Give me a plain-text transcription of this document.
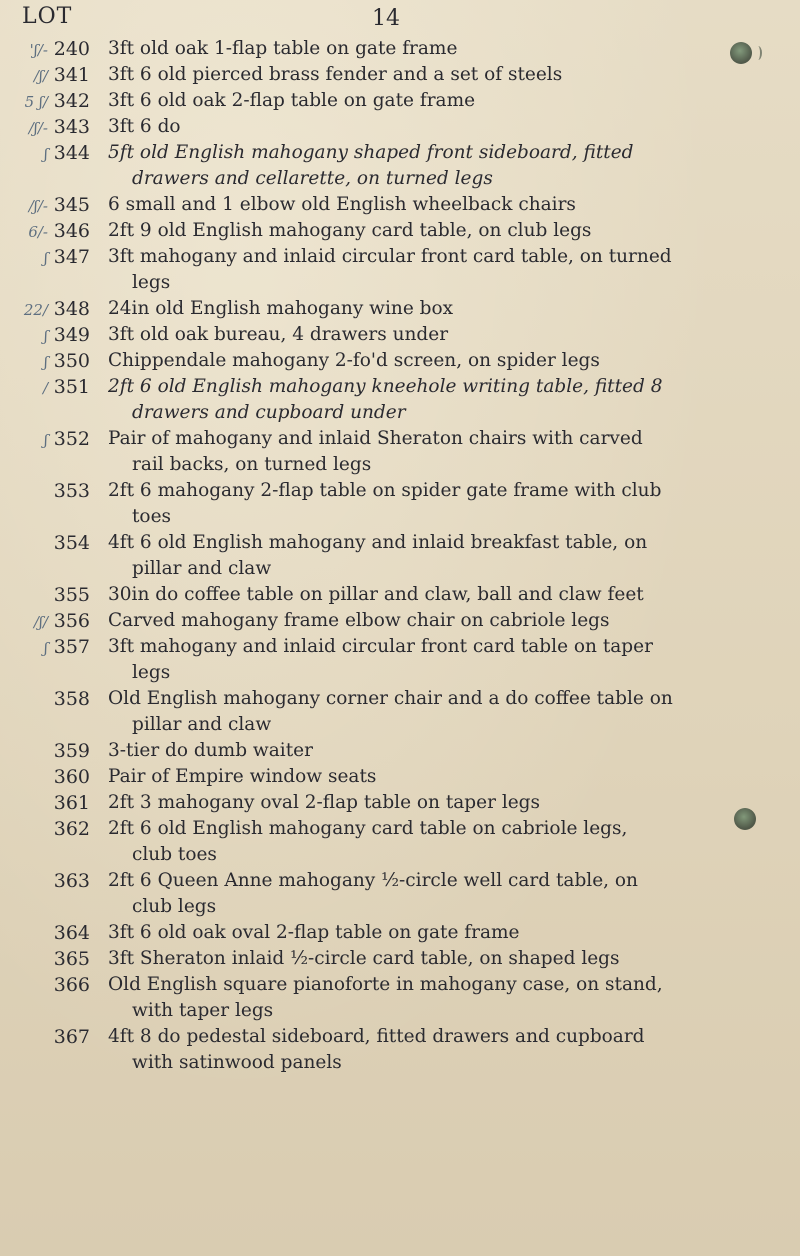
LOT	14
'ʃ/- 240 3ft old oak 1-flap table on gate frame
/ʃ/ 341 3ft 6 old pierced brass fender and a set of steels
5 ʃ/ 342 3ft 6 old oak 2-flap table on gate frame
/ʃ/- 343 3ft 6 do
ʃ 344 5ft old English mahogany shaped front sideboard, fitted
drawers and cellarette, on turned legs
/ʃ/- 345 6 small and 1 elbow old English wheelback chairs
6/- 346 2ft 9 old English mahogany card table, on club legs
ʃ 347 3ft mahogany and inlaid circular front card table, on turned
legs
22/ 348 24in old English mahogany wine box
ʃ 349 3ft old oak bureau, 4 drawers under
ʃ 350 Chippendale mahogany 2-fo'd screen, on spider legs
/ 351 2ft 6 old English mahogany kneehole writing table, fitted 8
drawers and cupboard under
ʃ 352 Pair of mahogany and inlaid Sheraton chairs with carved
rail backs, on turned legs
353 2ft 6 mahogany 2-flap table on spider gate frame with club
toes
354 4ft 6 old English mahogany and inlaid breakfast table, on
pillar and claw
355 30in do coffee table on pillar and claw, ball and claw feet
/ʃ/ 356 Carved mahogany frame elbow chair on cabriole legs
ʃ 357 3ft mahogany and inlaid circular front card table on taper
legs
358 Old English mahogany corner chair and a do coffee table on
pillar and claw
359 3-tier do dumb waiter
360 Pair of Empire window seats
361 2ft 3 mahogany oval 2-flap table on taper legs
362 2ft 6 old English mahogany card table on cabriole legs,
club toes
363 2ft 6 Queen Anne mahogany ½-circle well card table, on
club legs
364 3ft 6 old oak oval 2-flap table on gate frame
365 3ft Sheraton inlaid ½-circle card table, on shaped legs
366 Old English square pianoforte in mahogany case, on stand,
with taper legs
367 4ft 8 do pedestal sideboard, fitted drawers and cupboard
with satinwood panels
